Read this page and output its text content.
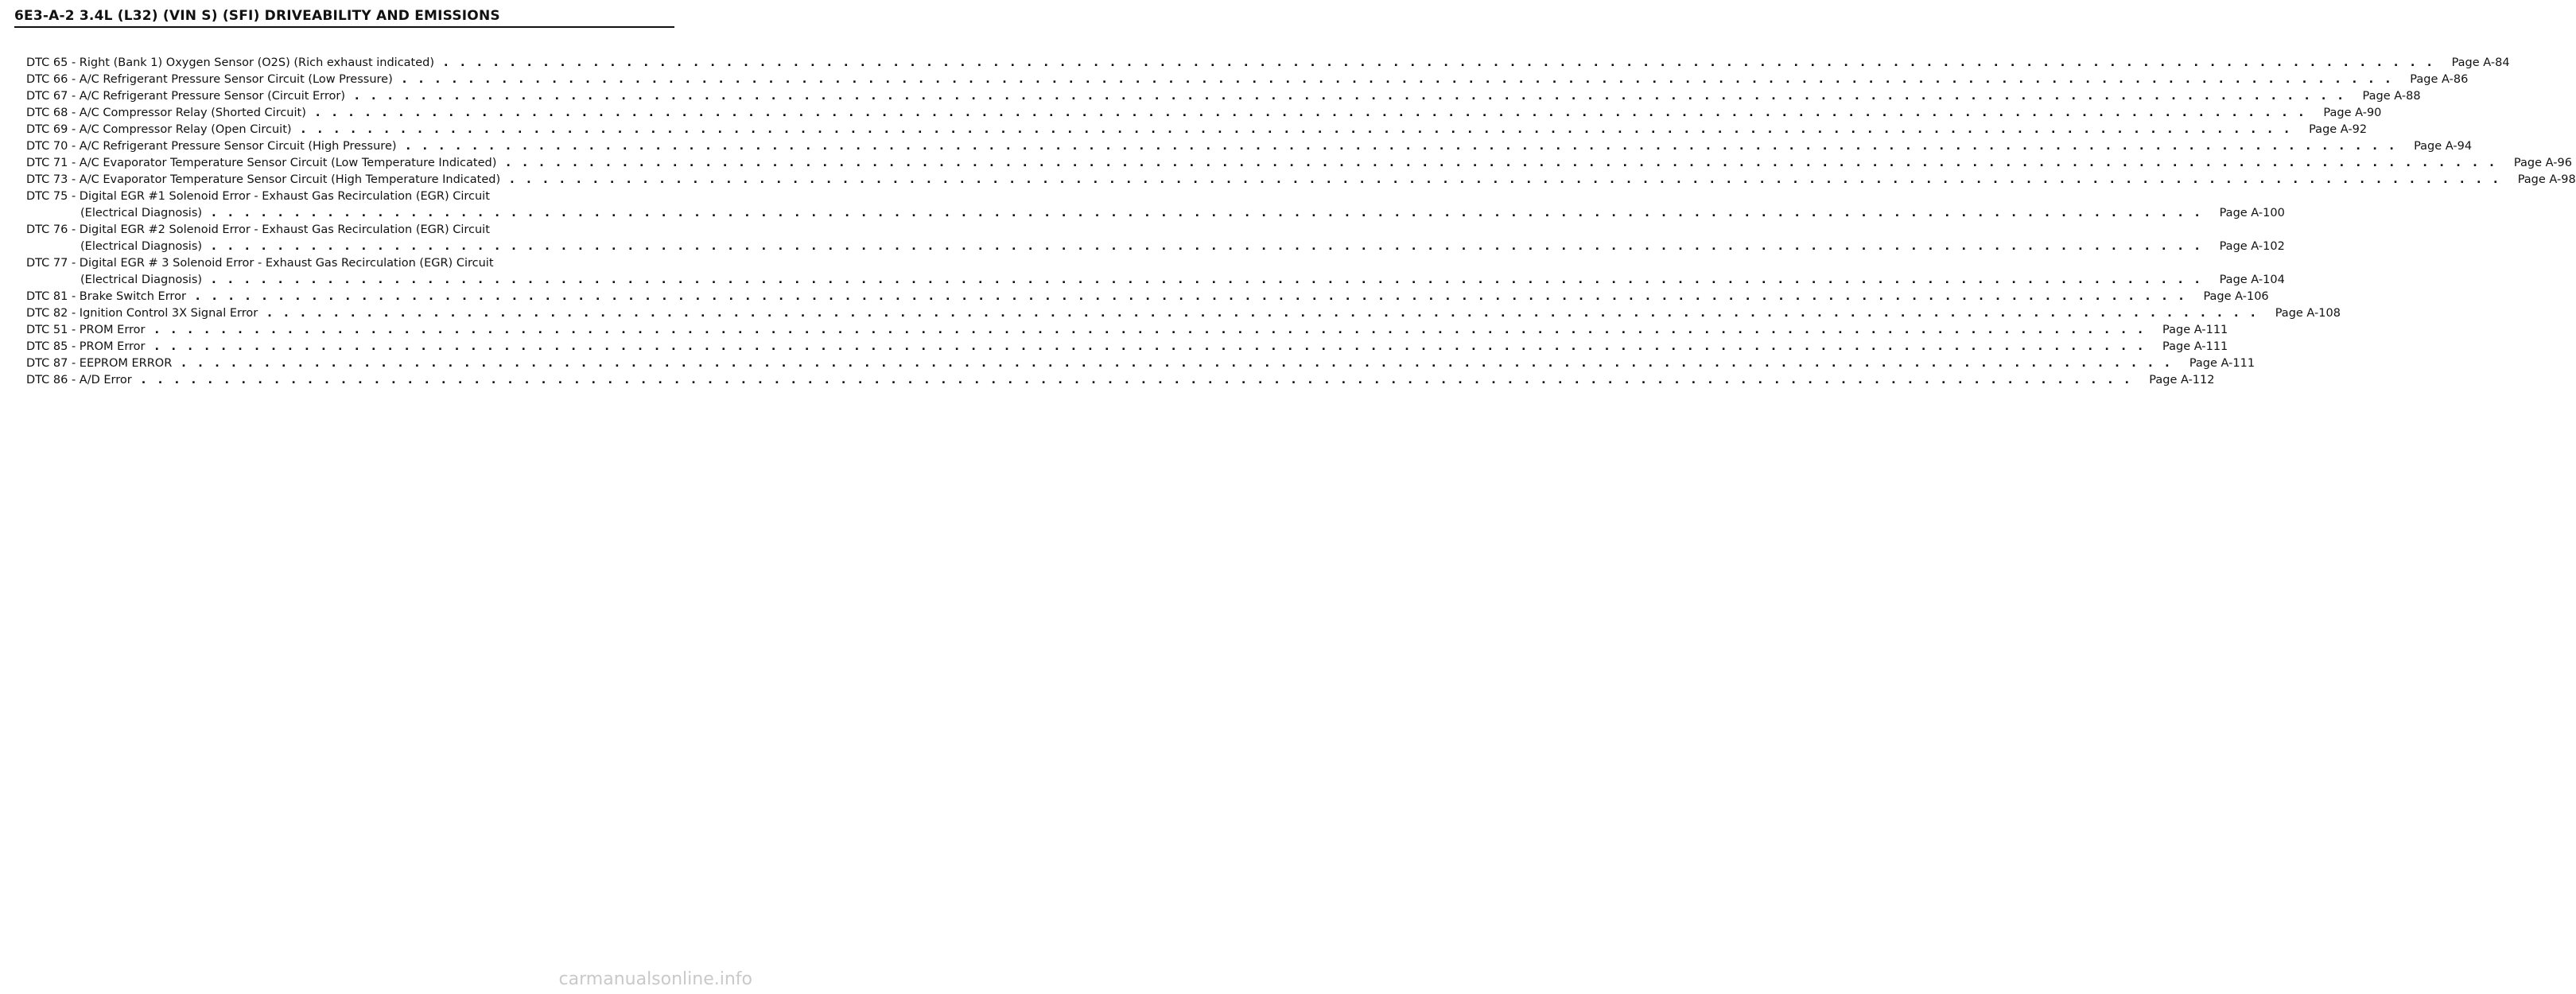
6E3-A-2 3.4L (L32) (VIN S) (SFI) DRIVEABILITY AND EMISSIONS
DTC 65 - Right (Bank 1) Oxygen Sensor (O2S) (Rich exhaust indicated) . . . . . . . . . . . . . . . . . . . . . . . . . . . . . . . . . . . . . . . . . . . . . . . . . . . . . . . . . . . . . . . . . . . . . . . . . . . . . . . . . . . . . . . . . . . . . . . . . . . . . . . . . . . . . . . . . . . . . . . . Page A-84
DTC 66 - A/C Refrigerant Pressure Sensor Circuit (Low Pressure) . . . . . . . . . . . . . . . . . . . . . . . . . . . . . . . . . . . . . . . . . . . . . . . . . . . . . . . . . . . . . . . . . . . . . . . . . . . . . . . . . . . . . . . . . . . . . . . . . . . . . . . . . . . . . . . . . . . . . . . . Page A-86
DTC 67 - A/C Refrigerant Pressure Sensor (Circuit Error) . . . . . . . . . . . . . . . . . . . . . . . . . . . . . . . . . . . . . . . . . . . . . . . . . . . . . . . . . . . . . . . . . . . . . . . . . . . . . . . . . . . . . . . . . . . . . . . . . . . . . . . . . . . . . . . . . . . . . . . . Page A-88
DTC 68 - A/C Compressor Relay (Shorted Circuit) . . . . . . . . . . . . . . . . . . . . . . . . . . . . . . . . . . . . . . . . . . . . . . . . . . . . . . . . . . . . . . . . . . . . . . . . . . . . . . . . . . . . . . . . . . . . . . . . . . . . . . . . . . . . . . . . . . . . . . . . Page A-90
DTC 69 - A/C Compressor Relay (Open Circuit) . . . . . . . . . . . . . . . . . . . . . . . . . . . . . . . . . . . . . . . . . . . . . . . . . . . . . . . . . . . . . . . . . . . . . . . . . . . . . . . . . . . . . . . . . . . . . . . . . . . . . . . . . . . . . . . . . . . . . . . . Page A-92
DTC 70 - A/C Refrigerant Pressure Sensor Circuit (High Pressure) . . . . . . . . . . . . . . . . . . . . . . . . . . . . . . . . . . . . . . . . . . . . . . . . . . . . . . . . . . . . . . . . . . . . . . . . . . . . . . . . . . . . . . . . . . . . . . . . . . . . . . . . . . . . . . . . . . . . . . . . Page A-94
DTC 71 - A/C Evaporator Temperature Sensor Circuit (Low Temperature Indicated) . . . . . . . . . . . . . . . . . . . . . . . . . . . . . . . . . . . . . . . . . . . . . . . . . . . . . . . . . . . . . . . . . . . . . . . . . . . . . . . . . . . . . . . . . . . . . . . . . . . . . . . . . . . . . . . . . . . . . . . . Page A-96
DTC 73 - A/C Evaporator Temperature Sensor Circuit (High Temperature Indicated) . . . . . . . . . . . . . . . . . . . . . . . . . . . . . . . . . . . . . . . . . . . . . . . . . . . . . . . . . . . . . . . . . . . . . . . . . . . . . . . . . . . . . . . . . . . . . . . . . . . . . . . . . . . . . . . . . . . . . . . . Page A-98
DTC 75 - Digital EGR #1 Solenoid Error - Exhaust Gas Recirculation (EGR) Circuit
(Electrical Diagnosis) . . . . . . . . . . . . . . . . . . . . . . . . . . . . . . . . . . . . . . . . . . . . . . . . . . . . . . . . . . . . . . . . . . . . . . . . . . . . . . . . . . . . . . . . . . . . . . . . . . . . . . . . . . . . . . . . . . . . . . . . Page A-100
DTC 76 - Digital EGR #2 Solenoid Error - Exhaust Gas Recirculation (EGR) Circuit
(Electrical Diagnosis) . . . . . . . . . . . . . . . . . . . . . . . . . . . . . . . . . . . . . . . . . . . . . . . . . . . . . . . . . . . . . . . . . . . . . . . . . . . . . . . . . . . . . . . . . . . . . . . . . . . . . . . . . . . . . . . . . . . . . . . . Page A-102
DTC 77 - Digital EGR # 3 Solenoid Error - Exhaust Gas Recirculation (EGR) Circuit
(Electrical Diagnosis) . . . . . . . . . . . . . . . . . . . . . . . . . . . . . . . . . . . . . . . . . . . . . . . . . . . . . . . . . . . . . . . . . . . . . . . . . . . . . . . . . . . . . . . . . . . . . . . . . . . . . . . . . . . . . . . . . . . . . . . . Page A-104
DTC 81 - Brake Switch Error . . . . . . . . . . . . . . . . . . . . . . . . . . . . . . . . . . . . . . . . . . . . . . . . . . . . . . . . . . . . . . . . . . . . . . . . . . . . . . . . . . . . . . . . . . . . . . . . . . . . . . . . . . . . . . . . . . . . . . . . Page A-106
DTC 82 - Ignition Control 3X Signal Error . . . . . . . . . . . . . . . . . . . . . . . . . . . . . . . . . . . . . . . . . . . . . . . . . . . . . . . . . . . . . . . . . . . . . . . . . . . . . . . . . . . . . . . . . . . . . . . . . . . . . . . . . . . . . . . . . . . . . . . . Page A-108
DTC 51 - PROM Error . . . . . . . . . . . . . . . . . . . . . . . . . . . . . . . . . . . . . . . . . . . . . . . . . . . . . . . . . . . . . . . . . . . . . . . . . . . . . . . . . . . . . . . . . . . . . . . . . . . . . . . . . . . . . . . . . . . . . . . . Page A-111
DTC 85 - PROM Error . . . . . . . . . . . . . . . . . . . . . . . . . . . . . . . . . . . . . . . . . . . . . . . . . . . . . . . . . . . . . . . . . . . . . . . . . . . . . . . . . . . . . . . . . . . . . . . . . . . . . . . . . . . . . . . . . . . . . . . . Page A-111
DTC 87 - EEPROM ERROR . . . . . . . . . . . . . . . . . . . . . . . . . . . . . . . . . . . . . . . . . . . . . . . . . . . . . . . . . . . . . . . . . . . . . . . . . . . . . . . . . . . . . . . . . . . . . . . . . . . . . . . . . . . . . . . . . . . . . . . . Page A-111
DTC 86 - A/D Error . . . . . . . . . . . . . . . . . . . . . . . . . . . . . . . . . . . . . . . . . . . . . . . . . . . . . . . . . . . . . . . . . . . . . . . . . . . . . . . . . . . . . . . . . . . . . . . . . . . . . . . . . . . . . . . . . . . . . . . . Page A-112
carmanualsonline.info
